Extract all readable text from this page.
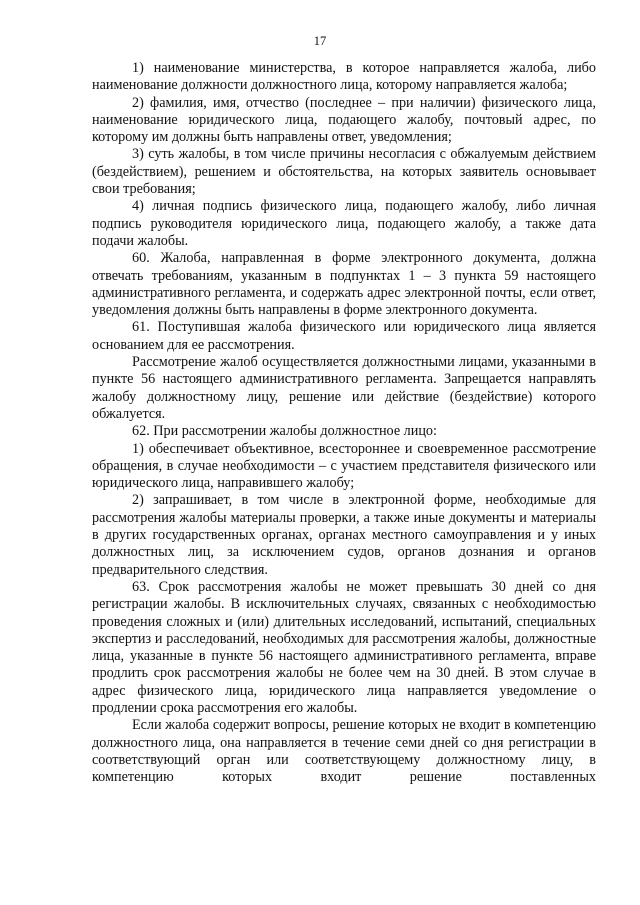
17

1) наименование министерства, в которое направляется жалоба, либо наименование должности должностного лица, которому направляется жалоба;

2) фамилия, имя, отчество (последнее – при наличии) физического лица, наименование юридического лица, подающего жалобу, почтовый адрес, по которому им должны быть направлены ответ, уведомления;

3) суть жалобы, в том числе причины несогласия с обжалуемым действием (бездействием), решением и обстоятельства, на которых заявитель основывает свои требования;

4) личная подпись физического лица, подающего жалобу, либо личная подпись руководителя юридического лица, подающего жалобу, а также дата подачи жалобы.

60. Жалоба, направленная в форме электронного документа, должна отвечать требованиям, указанным в подпунктах 1 – 3 пункта 59 настоящего административного регламента, и содержать адрес электронной почты, если ответ, уведомления должны быть направлены в форме электронного документа.

61. Поступившая жалоба физического или юридического лица является основанием для ее рассмотрения.

Рассмотрение жалоб осуществляется должностными лицами, указанными в пункте 56 настоящего административного регламента. Запрещается направлять жалобу должностному лицу, решение или действие (бездействие) которого обжалуется.

62. При рассмотрении жалобы должностное лицо:

1) обеспечивает объективное, всестороннее и своевременное рассмотрение обращения, в случае необходимости – с участием представителя физического или юридического лица, направившего жалобу;

2) запрашивает, в том числе в электронной форме, необходимые для рассмотрения жалобы материалы проверки, а также иные документы и материалы в других государственных органах, органах местного самоуправления и у иных должностных лиц, за исключением судов, органов дознания и органов предварительного следствия.

63. Срок рассмотрения жалобы не может превышать 30 дней со дня регистрации жалобы. В исключительных случаях, связанных с необходимостью проведения сложных и (или) длительных исследований, испытаний, специальных экспертиз и расследований, необходимых для рассмотрения жалобы, должностные лица, указанные в пункте 56 настоящего административного регламента, вправе продлить срок рассмотрения жалобы не более чем на 30 дней. В этом случае в адрес физического лица, юридического лица направляется уведомление о продлении срока рассмотрения его жалобы.

Если жалоба содержит вопросы, решение которых не входит в компетенцию должностного лица, она направляется в течение семи дней со дня регистрации в соответствующий орган или соответствующему должностному лицу, в компетенцию которых входит решение поставленных
